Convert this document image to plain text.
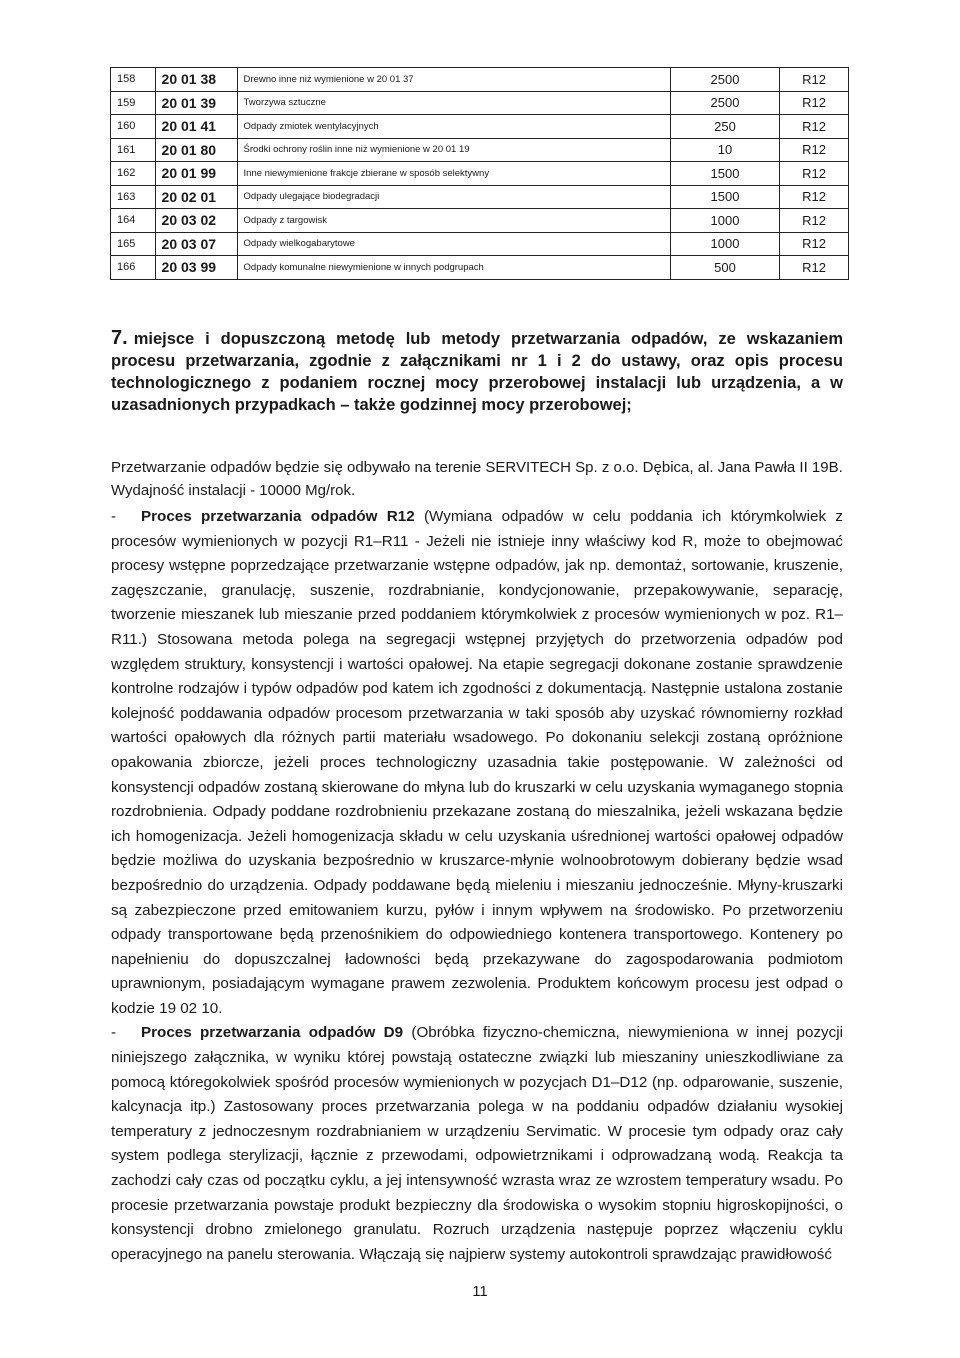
158	20 01 38	Drewno inne niż wymienione w 20 01 37	2500	R12
159	20 01 39	Tworzywa sztuczne	2500	R12
160	20 01 41	Odpady zmiotek wentylacyjnych	250	R12
161	20 01 80	Środki ochrony roślin inne niż wymienione w 20 01 19	10	R12
162	20 01 99	Inne niewymienione frakcje zbierane w sposób selektywny	1500	R12
163	20 02 01	Odpady ulegające biodegradacji	1500	R12
164	20 03 02	Odpady z targowisk	1000	R12
165	20 03 07	Odpady wielkogabarytowe	1000	R12
166	20 03 99	Odpady komunalne niewymienione w innych podgrupach	500	R12
7. miejsce i dopuszczoną metodę lub metody przetwarzania odpadów, ze wskazaniem procesu przetwarzania, zgodnie z załącznikami nr 1 i 2 do ustawy, oraz opis procesu technologicznego z podaniem rocznej mocy przerobowej instalacji lub urządzenia, a w uzasadnionych przypadkach – także godzinnej mocy przerobowej;
Przetwarzanie odpadów będzie się odbywało na terenie SERVITECH Sp. z o.o. Dębica, al. Jana Pawła II 19B.
Wydajność instalacji - 10000 Mg/rok.

- Proces przetwarzania odpadów R12 (Wymiana odpadów w celu poddania ich którymkolwiek z procesów wymienionych w pozycji R1–R11 - Jeżeli nie istnieje inny właściwy kod R, może to obejmować procesy wstępne poprzedzające przetwarzanie wstępne odpadów, jak np. demontaż, sortowanie, kruszenie, zagęszczanie, granulację, suszenie, rozdrabnianie, kondycjonowanie, przepakowywanie, separację, tworzenie mieszanek lub mieszanie przed poddaniem którymkolwiek z procesów wymienionych w poz. R1–R11.) Stosowana metoda polega na segregacji wstępnej przyjętych do przetworzenia odpadów pod względem struktury, konsystencji i wartości opałowej. Na etapie segregacji dokonane zostanie sprawdzenie kontrolne rodzajów i typów odpadów pod katem ich zgodności z dokumentacją. Następnie ustalona zostanie kolejność poddawania odpadów procesom przetwarzania w taki sposób aby uzyskać równomierny rozkład wartości opałowych dla różnych partii materiału wsadowego. Po dokonaniu selekcji zostaną opróżnione opakowania zbiorcze, jeżeli proces technologiczny uzasadnia takie postępowanie. W zależności od konsystencji odpadów zostaną skierowane do młyna lub do kruszarki w celu uzyskania wymaganego stopnia rozdrobnienia. Odpady poddane rozdrobnieniu przekazane zostaną do mieszalnika, jeżeli wskazana będzie ich homogenizacja. Jeżeli homogenizacja składu w celu uzyskania uśrednionej wartości opałowej odpadów będzie możliwa do uzyskania bezpośrednio w kruszarce-młynie wolnoobrotowym dobierany będzie wsad bezpośrednio do urządzenia. Odpady poddawane będą mieleniu i mieszaniu jednocześnie. Młyny-kruszarki są zabezpieczone przed emitowaniem kurzu, pyłów i innym wpływem na środowisko. Po przetworzeniu odpady transportowane będą przenośnikiem do odpowiedniego kontenera transportowego. Kontenery po napełnieniu do dopuszczalnej ładowności będą przekazywane do zagospodarowania podmiotom uprawnionym, posiadającym wymagane prawem zezwolenia. Produktem końcowym procesu jest odpad o kodzie 19 02 10.

- Proces przetwarzania odpadów D9 (Obróbka fizyczno-chemiczna, niewymieniona w innej pozycji niniejszego załącznika, w wyniku której powstają ostateczne związki lub mieszaniny unieszkodliwiane za pomocą któregokolwiek spośród procesów wymienionych w pozycjach D1–D12 (np. odparowanie, suszenie, kalcynacja itp.) Zastosowany proces przetwarzania polega w na poddaniu odpadów działaniu wysokiej temperatury z jednoczesnym rozdrabnianiem w urządzeniu Servimatic. W procesie tym odpady oraz cały system podlega sterylizacji, łącznie z przewodami, odpowietrznikami i odprowadzaną wodą. Reakcja ta zachodzi cały czas od początku cyklu, a jej intensywność wzrasta wraz ze wzrostem temperatury wsadu. Po procesie przetwarzania powstaje produkt bezpieczny dla środowiska o wysokim stopniu higroskopijności, o konsystencji drobno zmielonego granulatu. Rozruch urządzenia następuje poprzez włączeniu cyklu operacyjnego na panelu sterowania. Włączają się najpierw systemy autokontroli sprawdzając prawidłowość

11
